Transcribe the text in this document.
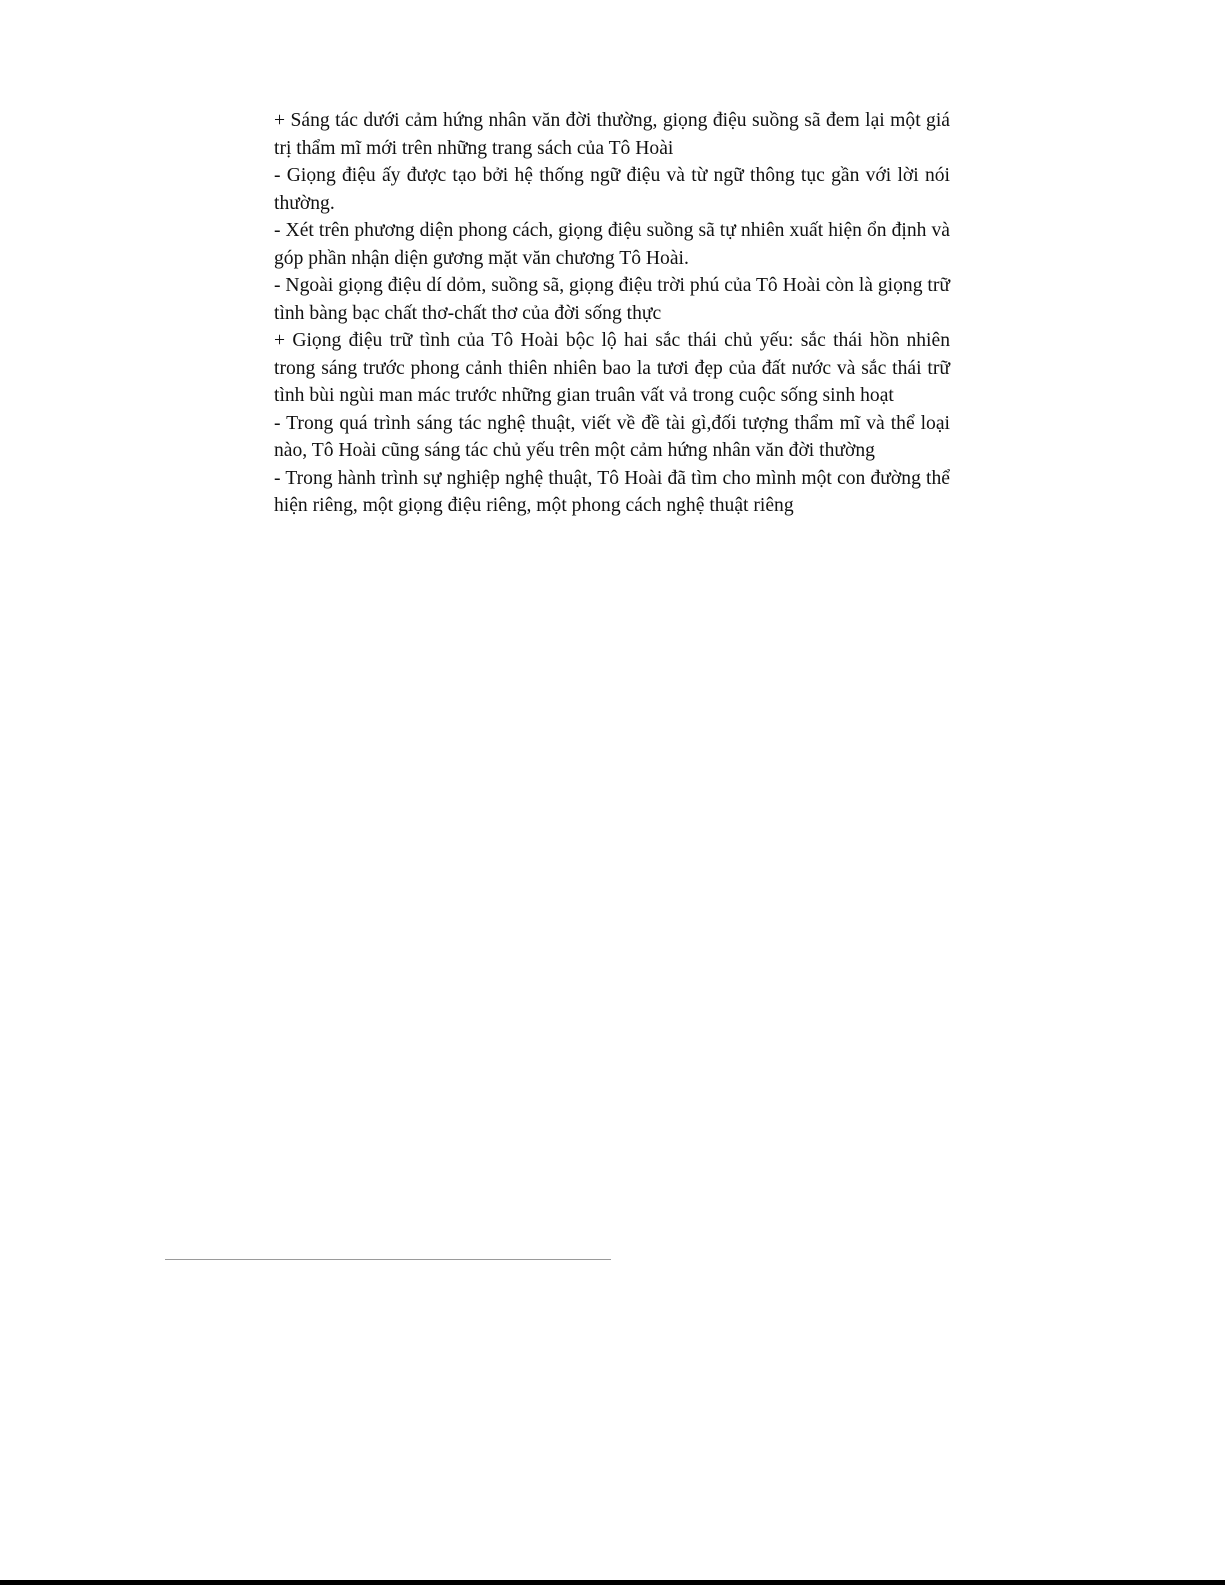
+ Sáng tác dưới cảm hứng nhân văn đời thường, giọng điệu suồng sã đem lại một giá trị thẩm mĩ mới trên những trang sách của Tô Hoài

- Giọng điệu ấy được tạo bởi hệ thống ngữ điệu và từ ngữ thông tục gần với lời nói thường.

- Xét trên phương diện phong cách, giọng điệu suồng sã tự nhiên xuất hiện ổn định và góp phần nhận diện gương mặt văn chương Tô Hoài.

- Ngoài giọng điệu dí dỏm, suồng sã, giọng điệu trời phú của Tô Hoài còn là giọng trữ tình bàng bạc chất thơ-chất thơ của đời sống thực

+ Giọng điệu trữ tình của Tô Hoài bộc lộ hai sắc thái chủ yếu: sắc thái hồn nhiên trong sáng trước phong cảnh thiên nhiên bao la tươi đẹp của đất nước và sắc thái trữ tình bùi ngùi man mác trước những gian truân vất vả trong cuộc sống sinh hoạt

- Trong quá trình sáng tác nghệ thuật, viết về đề tài gì,đối tượng thẩm mĩ và thể loại nào, Tô Hoài cũng sáng tác chủ yếu trên một cảm hứng nhân văn đời thường

- Trong hành trình sự nghiệp nghệ thuật, Tô Hoài đã tìm cho mình một con đường thể hiện riêng, một giọng điệu riêng, một phong cách nghệ thuật riêng
